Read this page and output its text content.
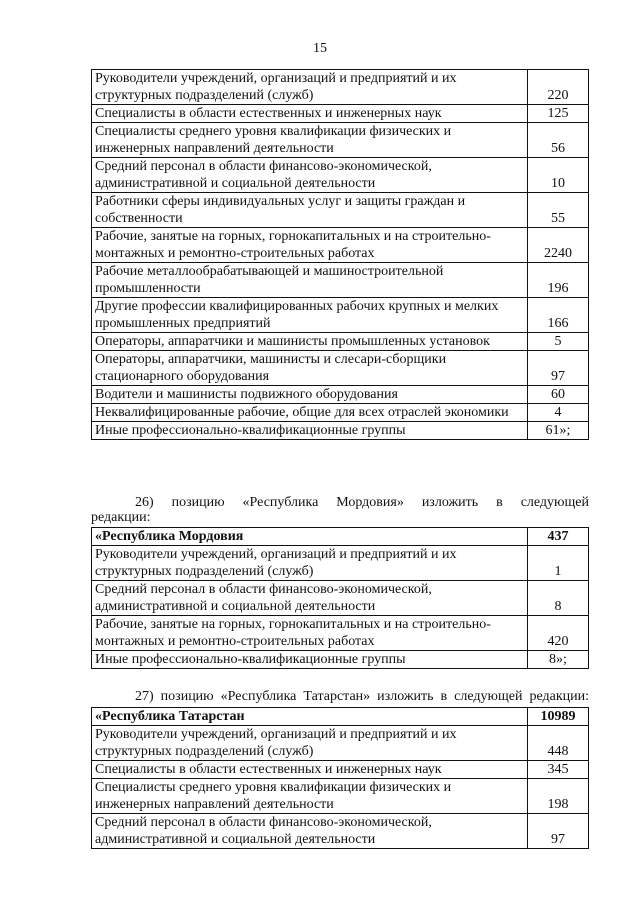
15
Руководители учреждений, организаций и предприятий и их структурных подразделений (служб)	220
Специалисты в области естественных и инженерных наук	125
Специалисты среднего уровня квалификации физических и инженерных направлений деятельности	56
Средний персонал в области финансово-экономической, административной и социальной деятельности	10
Работники сферы индивидуальных услуг и защиты граждан и собственности	55
Рабочие, занятые на горных, горнокапитальных и на строительно-монтажных и ремонтно-строительных работах	2240
Рабочие металлообрабатывающей и машиностроительной промышленности	196
Другие профессии квалифицированных рабочих крупных и мелких промышленных предприятий	166
Операторы, аппаратчики и машинисты промышленных установок	5
Операторы, аппаратчики, машинисты и слесари-сборщики стационарного оборудования	97
Водители и машинисты подвижного оборудования	60
Неквалифицированные рабочие, общие для всех отраслей экономики	4
Иные профессионально-квалификационные группы	61»;
26) позицию «Республика Мордовия» изложить в следующей
редакции:
«Республика Мордовия	437
Руководители учреждений, организаций и предприятий и их структурных подразделений (служб)	1
Средний персонал в области финансово-экономической, административной и социальной деятельности	8
Рабочие, занятые на горных, горнокапитальных и на строительно-монтажных и ремонтно-строительных работах	420
Иные профессионально-квалификационные группы	8»;
27) позицию «Республика Татарстан» изложить в следующей редакции:
«Республика Татарстан	10989
Руководители учреждений, организаций и предприятий и их структурных подразделений (служб)	448
Специалисты в области естественных и инженерных наук	345
Специалисты среднего уровня квалификации физических и инженерных направлений деятельности	198
Средний персонал в области финансово-экономической, административной и социальной деятельности	97
